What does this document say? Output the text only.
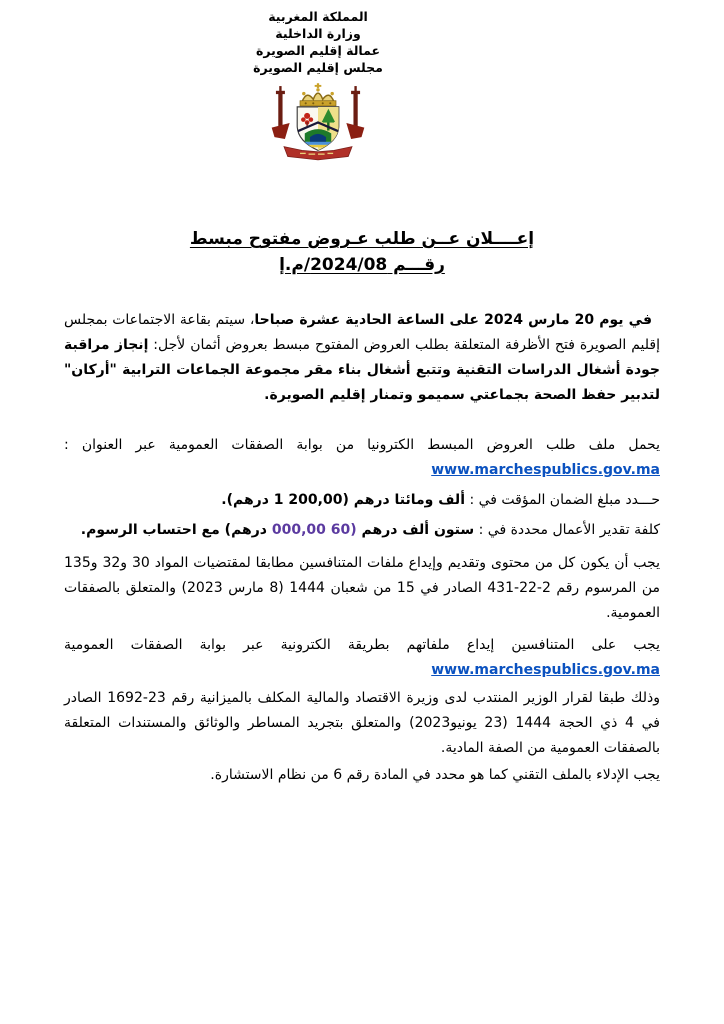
المملكة المغربية
وزارة الداخلية
عمالة إقليم الصويرة
مجلس إقليم الصويرة
إعــــلان عــن طلب عـروض مفتوح مبسط
رقـــم 2024/08/م.إ

في يوم 20 مارس 2024 على الساعة الحادية عشرة صباحا، سيتم بقاعة الاجتماعات بمجلس إقليم الصويرة فتح الأظرفة المتعلقة بطلب العروض المفتوح مبسط بعروض أثمان لأجل: إنجاز مراقبة جودة أشغال الدراسات التقنية وتتبع أشغال بناء مقر مجموعة الجماعات الترابية "أركان" لتدبير حفظ الصحة بجماعتي سميمو وتمنار إقليم الصويرة.

يحمل ملف طلب العروض المبسط الكترونيا من بوابة الصفقات العمومية عبر العنوان : www.marchespublics.gov.ma

حـــدد مبلغ الضمان المؤقت في : ألف ومائتا درهم (200,00 1 درهم).

كلفة تقدير الأعمال محددة في : ستون ألف درهم (60 000,00 درهم) مع احتساب الرسوم.

يجب أن يكون كل من محتوى وتقديم وإيداع ملفات المتنافسين مطابقا لمقتضيات المواد 30 و32 و135 من المرسوم رقم 2-22-431 الصادر في 15 من شعبان 1444 (8 مارس 2023) والمتعلق بالصفقات العمومية.

يجب على المتنافسين إيداع ملفاتهم بطريقة الكترونية عبر بوابة الصفقات العمومية www.marchespublics.gov.ma

وذلك طبقا لقرار الوزير المنتدب لدى وزيرة الاقتصاد والمالية المكلف بالميزانية رقم 23-1692 الصادر في 4 ذي الحجة 1444 (23 يونيو2023) والمتعلق بتجريد المساطر والوثائق والمستندات المتعلقة بالصفقات العمومية من الصفة المادية.

يجب الإدلاء بالملف التقني كما هو محدد في المادة رقم 6 من نظام الاستشارة.
